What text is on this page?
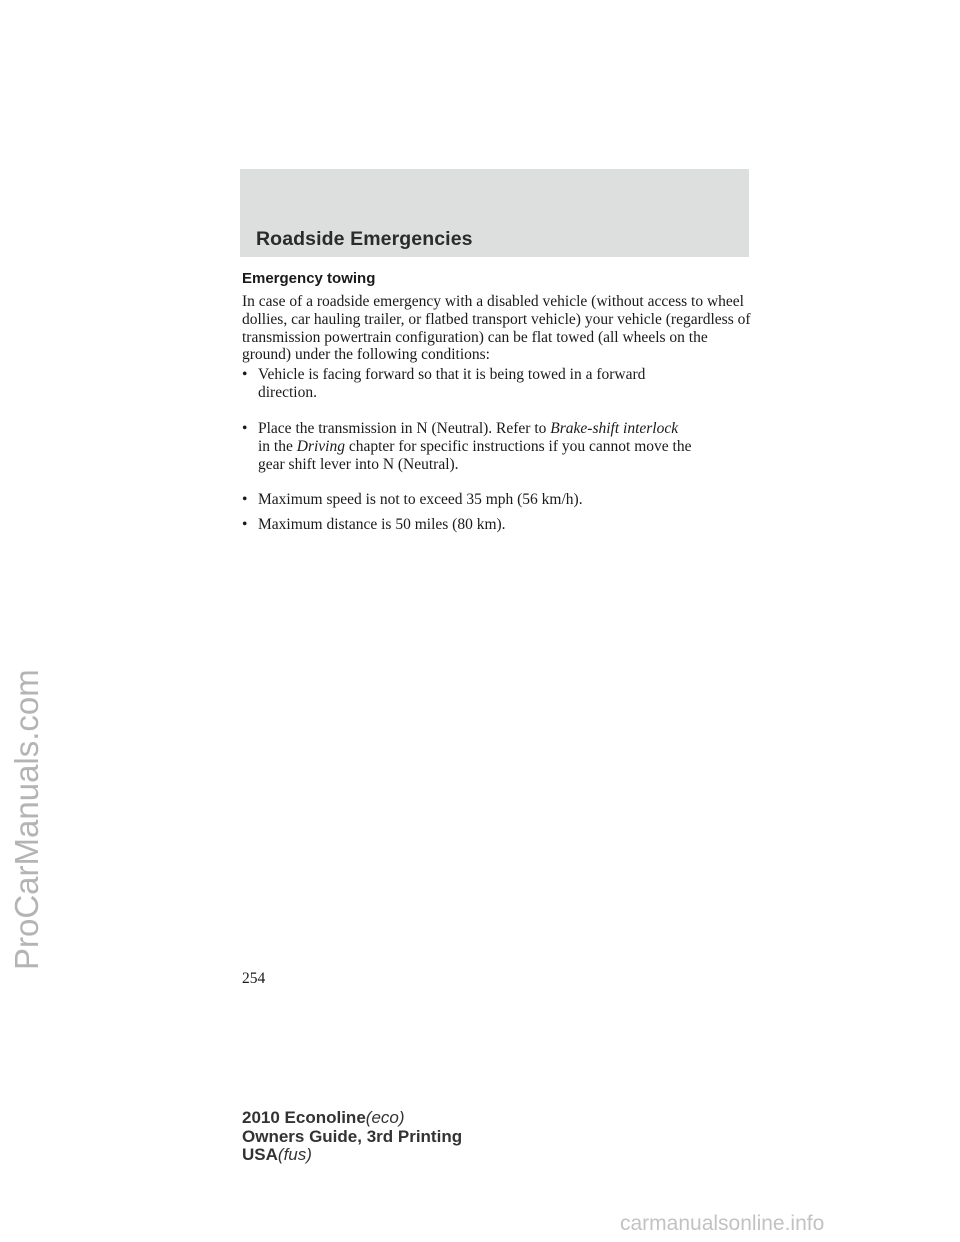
Roadside Emergencies
Emergency towing

In case of a roadside emergency with a disabled vehicle (without access to wheel dollies, car hauling trailer, or flatbed transport vehicle) your vehicle (regardless of transmission powertrain configuration) can be flat towed (all wheels on the ground) under the following conditions:

• Vehicle is facing forward so that it is being towed in a forward
direction.
• Place the transmission in N (Neutral). Refer to Brake-shift interlock
in the Driving chapter for specific instructions if you cannot move the
gear shift lever into N (Neutral).
• Maximum speed is not to exceed 35 mph (56 km/h).
• Maximum distance is 50 miles (80 km).
254
2010 Econoline(eco)
Owners Guide, 3rd Printing
USA(fus)
ProCarManuals.com
carmanualsonline.info
